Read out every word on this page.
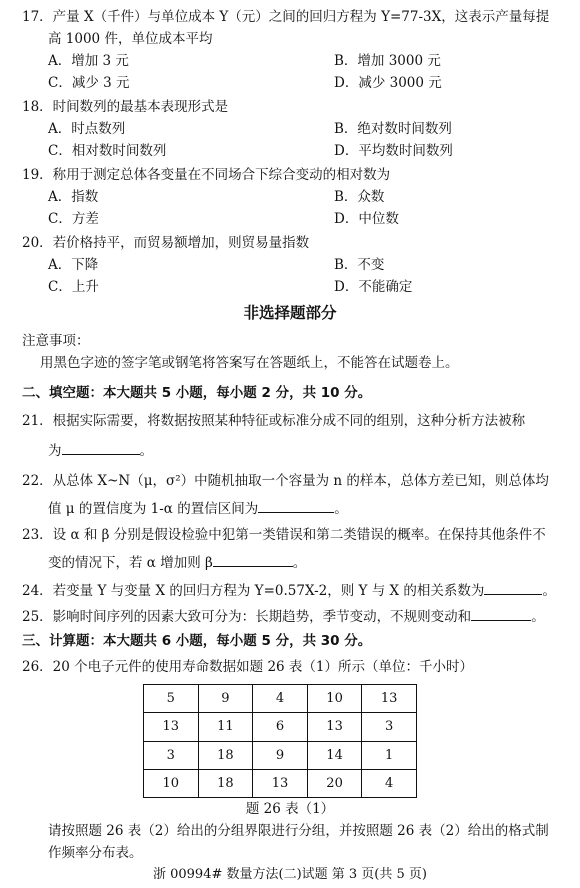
17．产量 X（千件）与单位成本 Y（元）之间的回归方程为 Y=77-3X，这表示产量每提
高 1000 件，单位成本平均
A．增加 3 元	B．增加 3000 元
C．减少 3 元	D．减少 3000 元
18．时间数列的最基本表现形式是
A．时点数列	B．绝对数时间数列
C．相对数时间数列	D．平均数时间数列
19．称用于测定总体各变量在不同场合下综合变动的相对数为
A．指数	B．众数
C．方差	D．中位数
20．若价格持平，而贸易额增加，则贸易量指数
A．下降	B．不变
C．上升	D．不能确定
非选择题部分
注意事项：
用黑色字迹的签字笔或钢笔将答案写在答题纸上，不能答在试题卷上。
二、填空题：本大题共 5 小题，每小题 2 分，共 10 分。
21．根据实际需要，将数据按照某种特征或标准分成不同的组别，这种分析方法被称
为	。
22．从总体 X~N（μ，σ²）中随机抽取一个容量为 n 的样本，总体方差已知，则总体均
值 μ 的置信度为 1-α 的置信区间为	。
23．设 α 和 β 分别是假设检验中犯第一类错误和第二类错误的概率。在保持其他条件不
变的情况下，若 α 增加则 β	。
24．若变量 Y 与变量 X 的回归方程为 Y=0.57X-2，则 Y 与 X 的相关系数为	。
25．影响时间序列的因素大致可分为：长期趋势，季节变动，不规则变动和	。
三、计算题：本大题共 6 小题，每小题 5 分，共 30 分。
26．20 个电子元件的使用寿命数据如题 26 表（1）所示（单位：千小时）
5	9	4	10	13
13	11	6	13	3
3	18	9	14	1
10	18	13	20	4
题 26 表（1）
请按照题 26 表（2）给出的分组界限进行分组，并按照题 26 表（2）给出的格式制
作频率分布表。
浙 00994# 数量方法(二)试题 第 3 页(共 5 页)
